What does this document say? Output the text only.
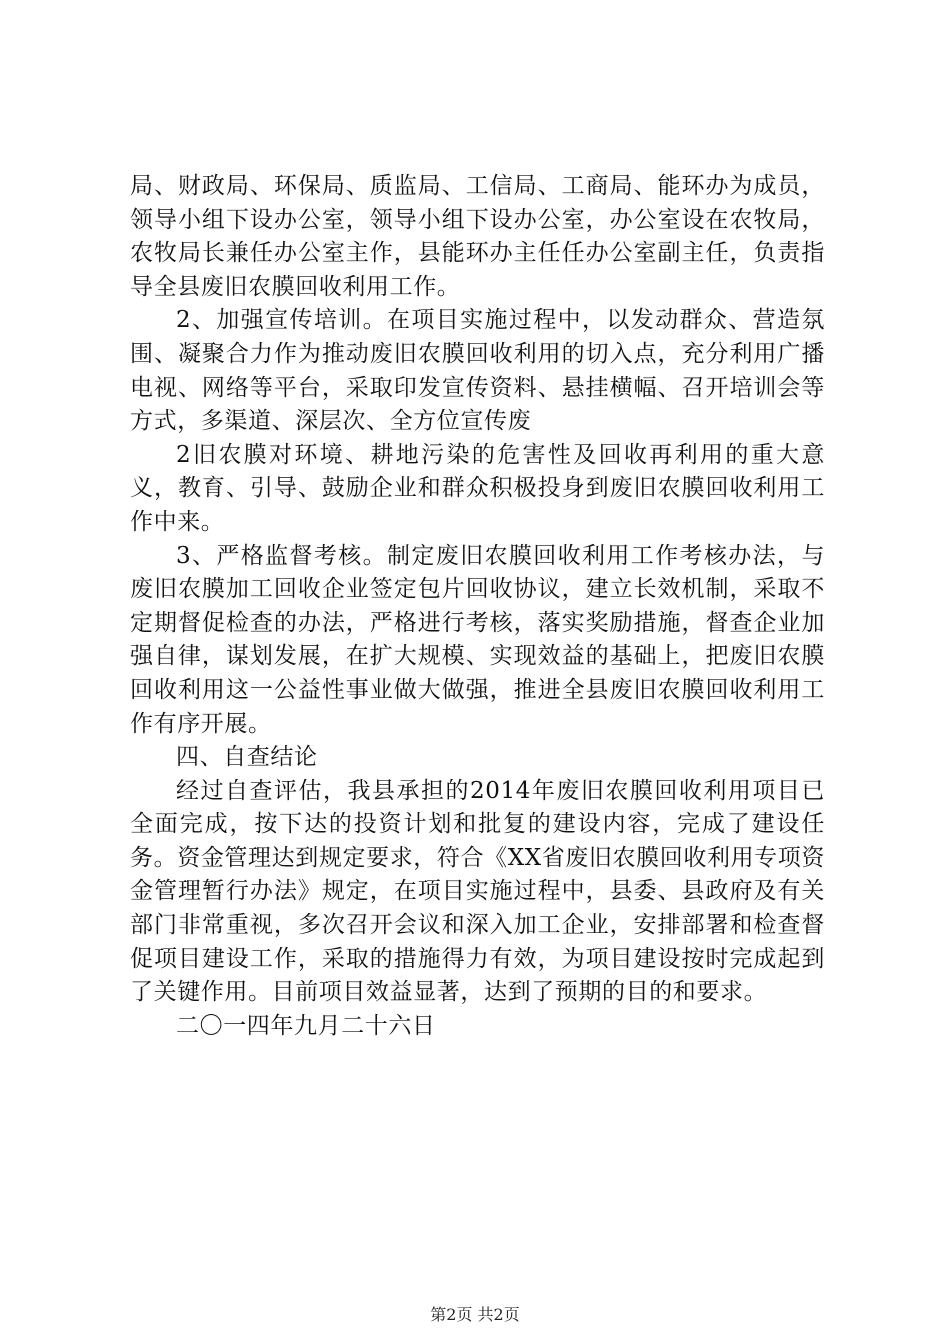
局、财政局、环保局、质监局、工信局、工商局、能环办为成员，领导小组下设办公室，领导小组下设办公室，办公室设在农牧局，农牧局长兼任办公室主作，县能环办主任任办公室副主任，负责指导全县废旧农膜回收利用工作。

2、加强宣传培训。在项目实施过程中，以发动群众、营造氛围、凝聚合力作为推动废旧农膜回收利用的切入点，充分利用广播电视、网络等平台，采取印发宣传资料、悬挂横幅、召开培训会等方式，多渠道、深层次、全方位宣传废

2旧农膜对环境、耕地污染的危害性及回收再利用的重大意义，教育、引导、鼓励企业和群众积极投身到废旧农膜回收利用工作中来。

3、严格监督考核。制定废旧农膜回收利用工作考核办法，与废旧农膜加工回收企业签定包片回收协议，建立长效机制，采取不定期督促检查的办法，严格进行考核，落实奖励措施，督查企业加强自律，谋划发展，在扩大规模、实现效益的基础上，把废旧农膜回收利用这一公益性事业做大做强，推进全县废旧农膜回收利用工作有序开展。

四、自查结论

经过自查评估，我县承担的2014年废旧农膜回收利用项目已全面完成，按下达的投资计划和批复的建设内容，完成了建设任务。资金管理达到规定要求，符合《XX省废旧农膜回收利用专项资金管理暂行办法》规定，在项目实施过程中，县委、县政府及有关部门非常重视，多次召开会议和深入加工企业，安排部署和检查督促项目建设工作，采取的措施得力有效，为项目建设按时完成起到了关键作用。目前项目效益显著，达到了预期的目的和要求。

二〇一四年九月二十六日

第2页 共2页
